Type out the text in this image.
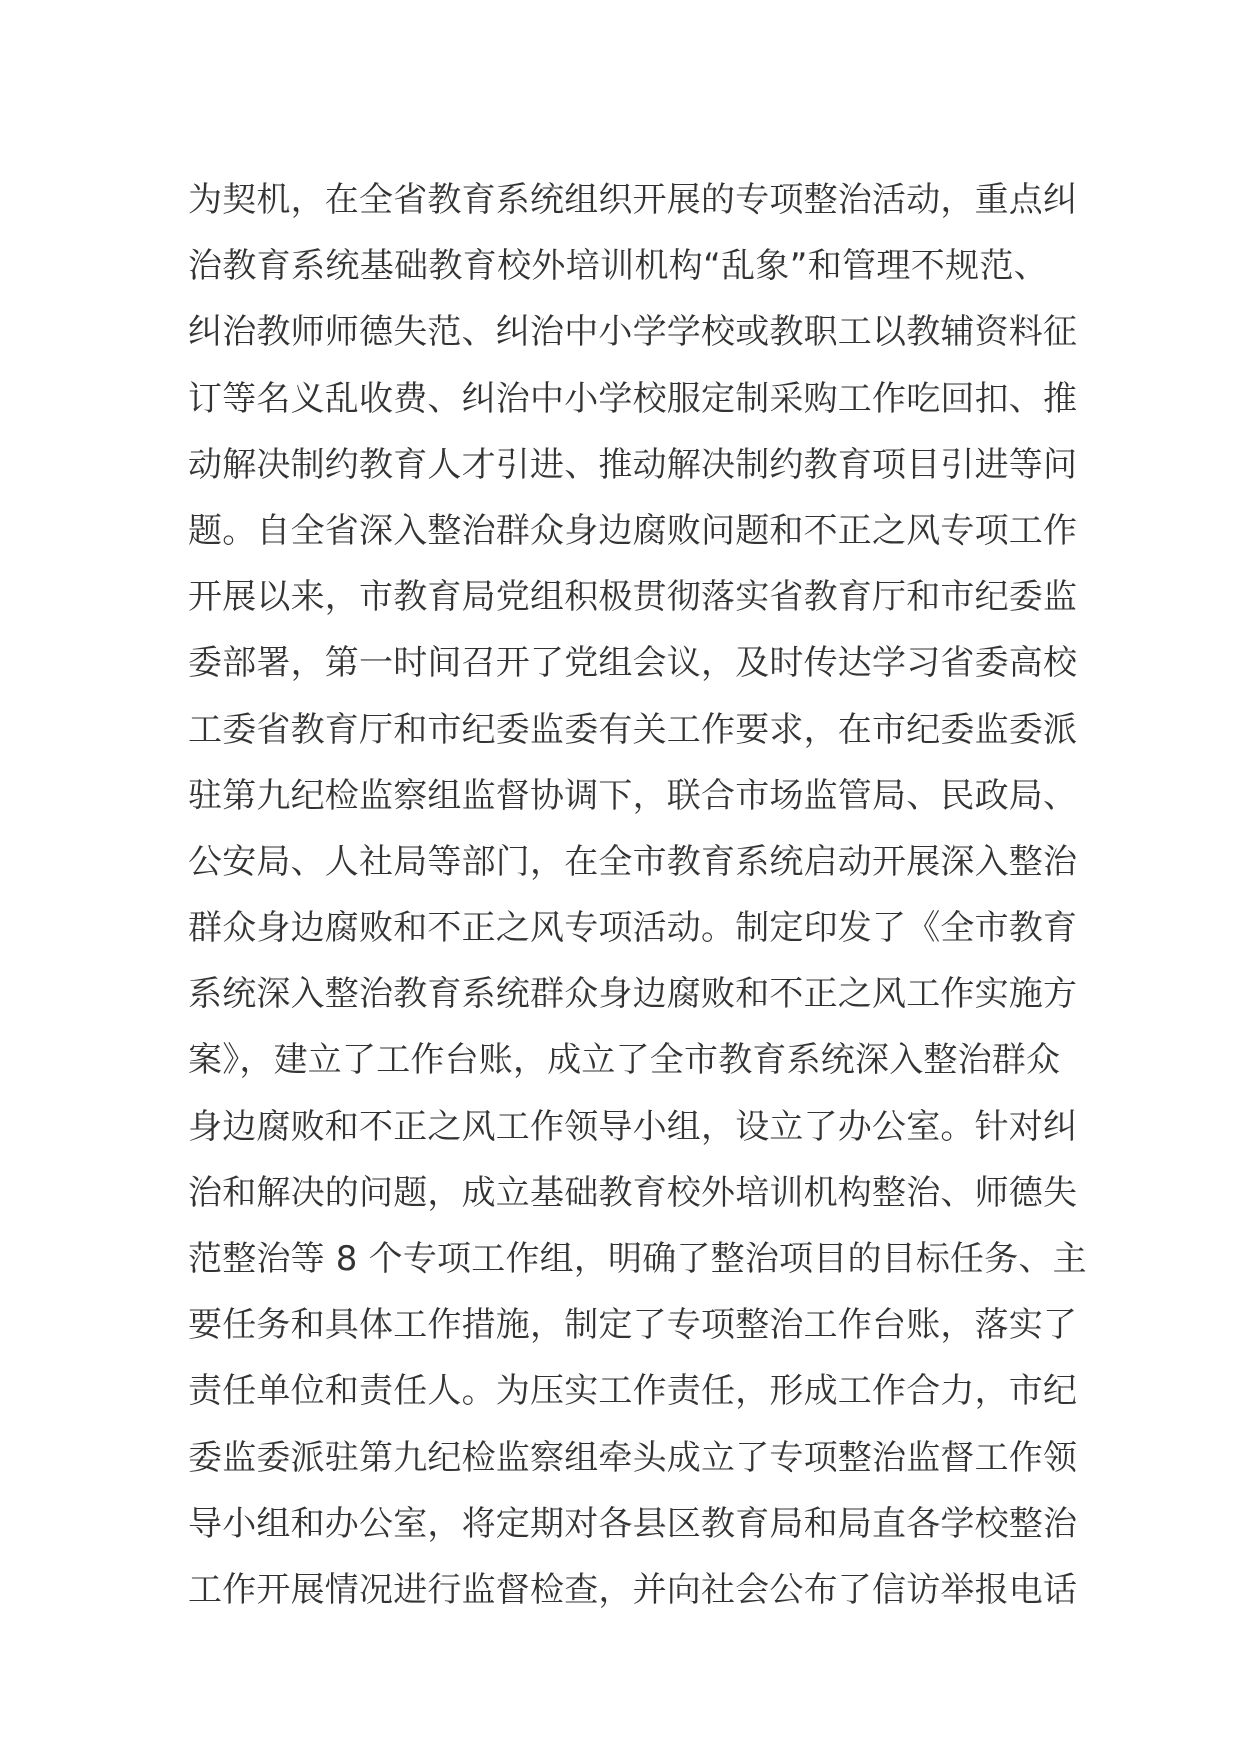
为契机，在全省教育系统组织开展的专项整治活动，重点纠
治教育系统基础教育校外培训机构“乱象”和管理不规范、
纠治教师师德失范、纠治中小学学校或教职工以教辅资料征
订等名义乱收费、纠治中小学校服定制采购工作吃回扣、推
动解决制约教育人才引进、推动解决制约教育项目引进等问
题。自全省深入整治群众身边腐败问题和不正之风专项工作
开展以来，市教育局党组积极贯彻落实省教育厅和市纪委监
委部署，第一时间召开了党组会议，及时传达学习省委高校
工委省教育厅和市纪委监委有关工作要求，在市纪委监委派
驻第九纪检监察组监督协调下，联合市场监管局、民政局、
公安局、人社局等部门，在全市教育系统启动开展深入整治
群众身边腐败和不正之风专项活动。制定印发了《全市教育
系统深入整治教育系统群众身边腐败和不正之风工作实施方
案》，建立了工作台账，成立了全市教育系统深入整治群众
身边腐败和不正之风工作领导小组，设立了办公室。针对纠
治和解决的问题，成立基础教育校外培训机构整治、师德失
范整治等 8 个专项工作组，明确了整治项目的目标任务、主
要任务和具体工作措施，制定了专项整治工作台账，落实了
责任单位和责任人。为压实工作责任，形成工作合力，市纪
委监委派驻第九纪检监察组牵头成立了专项整治监督工作领
导小组和办公室，将定期对各县区教育局和局直各学校整治
工作开展情况进行监督检查，并向社会公布了信访举报电话
